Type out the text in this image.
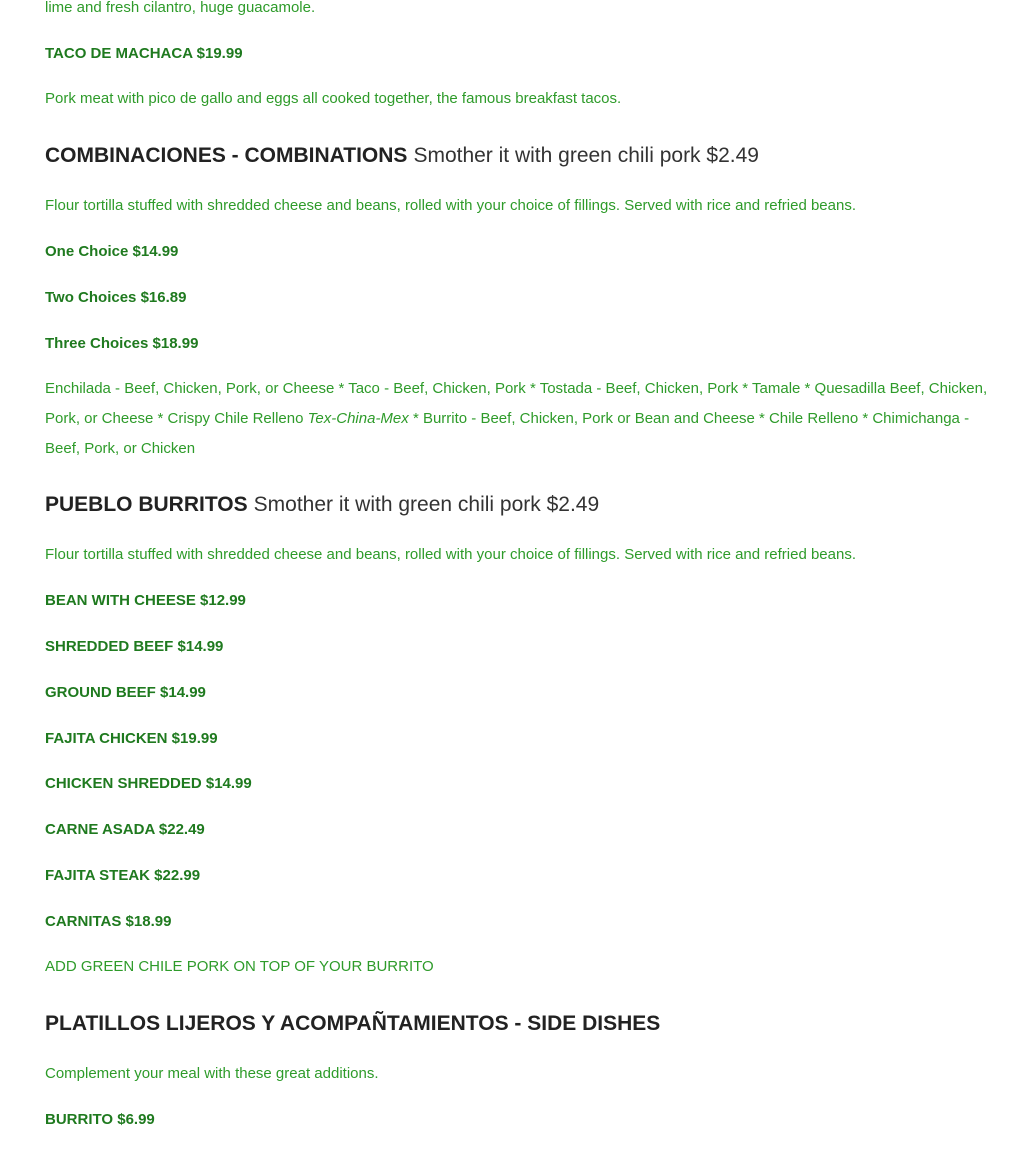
lime and fresh cilantro, huge guacamole.

TACO DE MACHACA $19.99

Pork meat with pico de gallo and eggs all cooked together, the famous breakfast tacos.

COMBINACIONES - COMBINATIONS Smother it with green chili pork $2.49

Flour tortilla stuffed with shredded cheese and beans, rolled with your choice of fillings. Served with rice and refried beans.

One Choice $14.99

Two Choices $16.89

Three Choices $18.99

Enchilada - Beef, Chicken, Pork, or Cheese * Taco - Beef, Chicken, Pork * Tostada - Beef, Chicken, Pork * Tamale * Quesadilla Beef, Chicken, Pork, or Cheese * Crispy Chile Relleno Tex-China-Mex * Burrito - Beef, Chicken, Pork or Bean and Cheese * Chile Relleno * Chimichanga - Beef, Pork, or Chicken

PUEBLO BURRITOS Smother it with green chili pork $2.49

Flour tortilla stuffed with shredded cheese and beans, rolled with your choice of fillings. Served with rice and refried beans.

BEAN WITH CHEESE $12.99

SHREDDED BEEF $14.99

GROUND BEEF $14.99

FAJITA CHICKEN $19.99

CHICKEN SHREDDED $14.99

CARNE ASADA $22.49

FAJITA STEAK $22.99

CARNITAS $18.99

ADD GREEN CHILE PORK ON TOP OF YOUR BURRITO

PLATILLOS LIJEROS Y ACOMPAÑTAMIENTOS - SIDE DISHES

Complement your meal with these great additions.

BURRITO $6.99
